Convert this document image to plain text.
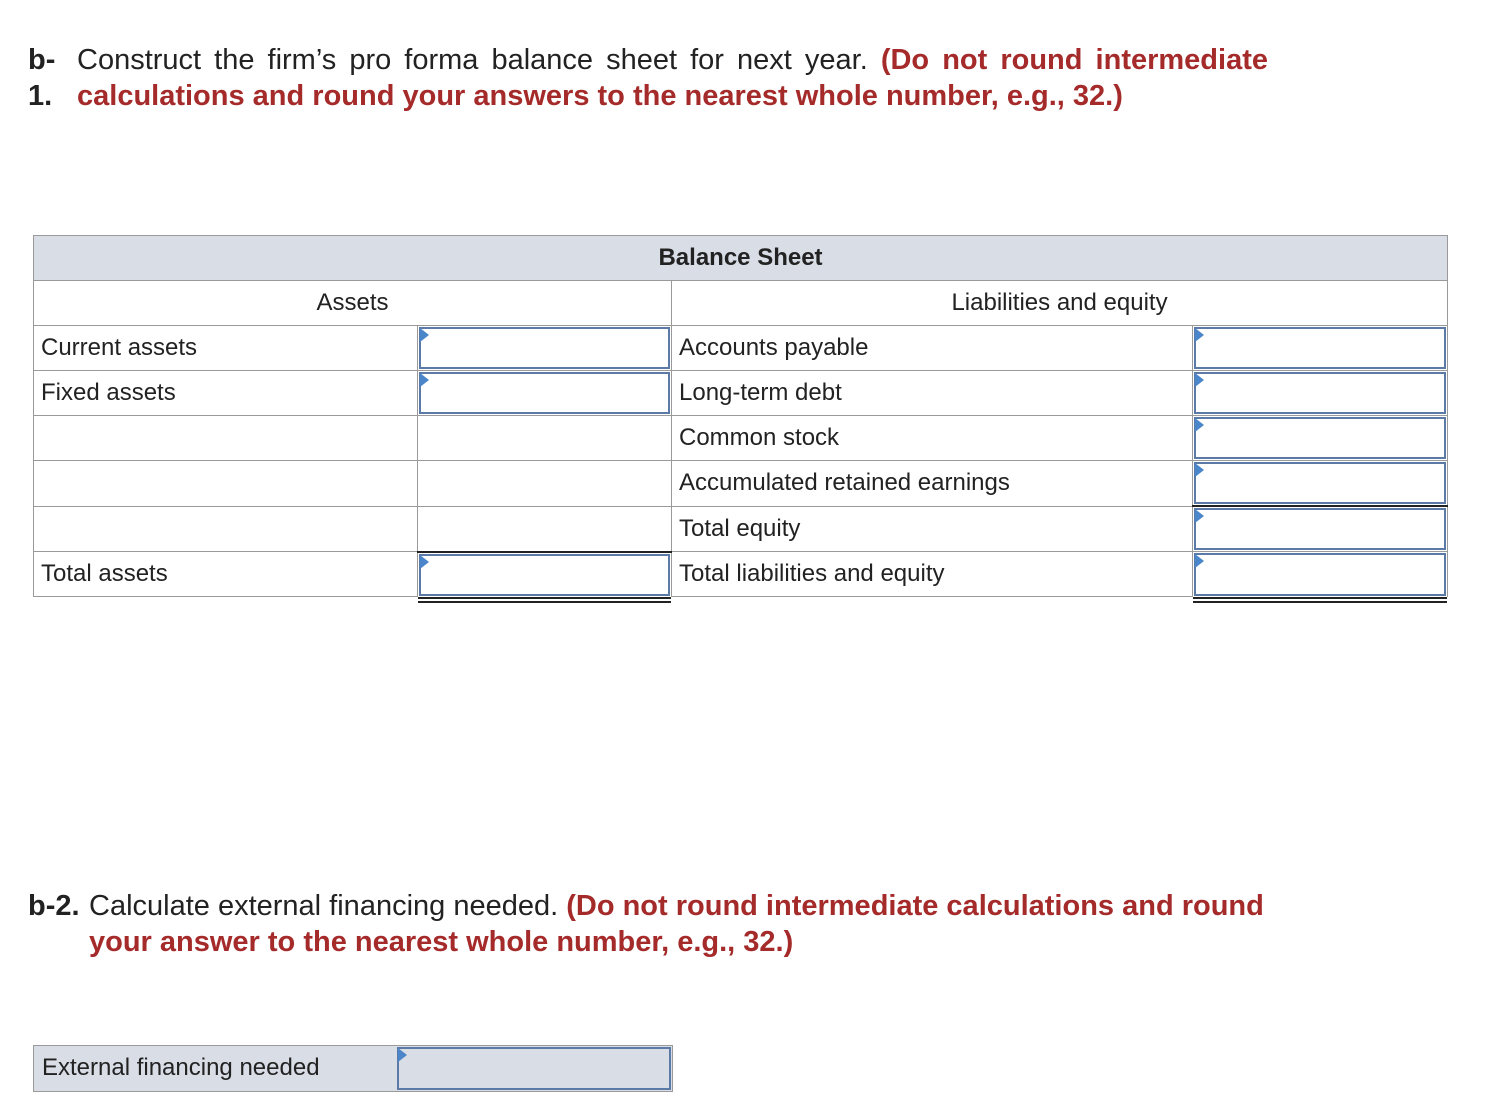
b-
1.
Construct the firm’s pro forma balance sheet for next year. (Do not round intermediate calculations and round your answers to the nearest whole number, e.g., 32.)
Balance Sheet			
Assets		Liabilities and equity	
Current assets		Accounts payable	

Fixed assets		Long-term debt	

		Common stock	

		Accumulated retained earnings	

		Total equity	

Total assets		Total liabilities and equity	
b-2. Calculate external financing needed. (Do not round intermediate calculations and round your answer to the nearest whole number, e.g., 32.)
External financing needed
